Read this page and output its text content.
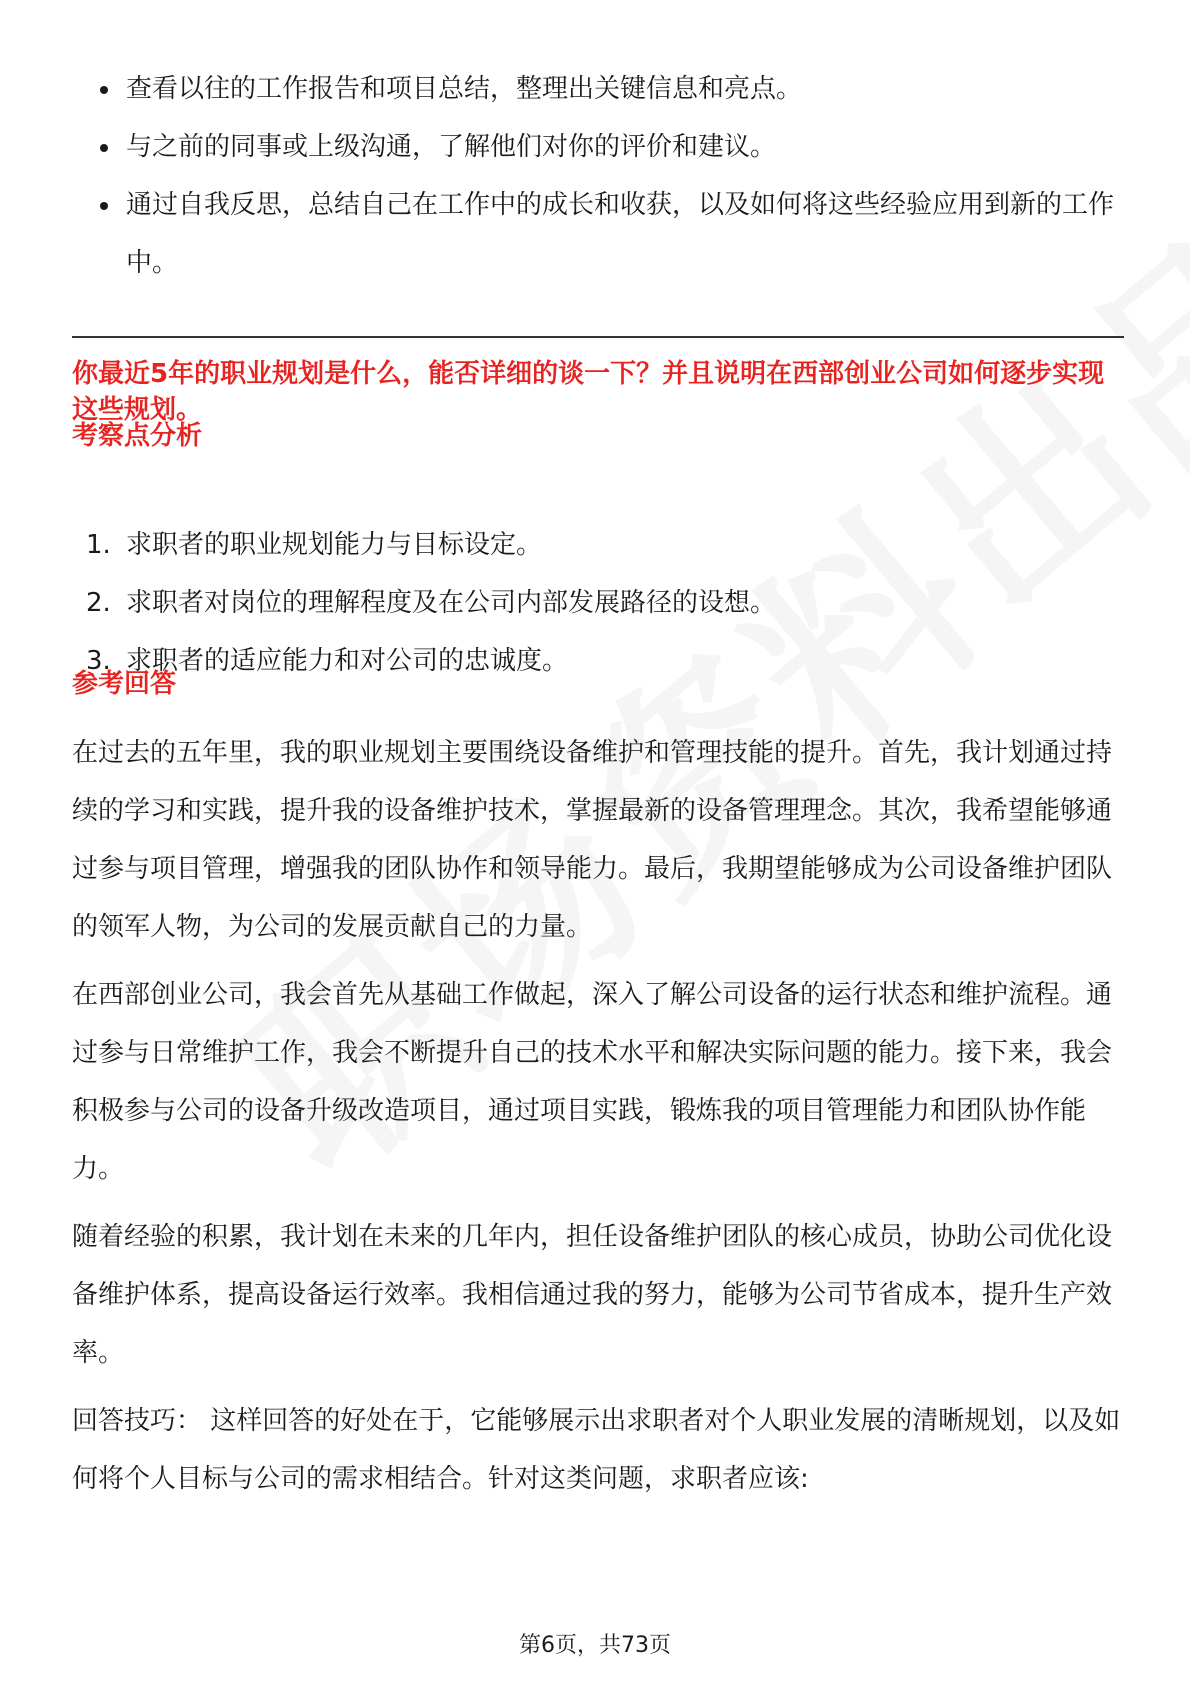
查看以往的工作报告和项目总结，整理出关键信息和亮点。
与之前的同事或上级沟通，了解他们对你的评价和建议。
通过自我反思，总结自己在工作中的成长和收获，以及如何将这些经验应用到新的工作中。

你最近5年的职业规划是什么，能否详细的谈一下？并且说明在西部创业公司如何逐步实现这些规划。

考察点分析

1. 求职者的职业规划能力与目标设定。
2. 求职者对岗位的理解程度及在公司内部发展路径的设想。
3. 求职者的适应能力和对公司的忠诚度。

参考回答

在过去的五年里，我的职业规划主要围绕设备维护和管理技能的提升。首先，我计划通过持续的学习和实践，提升我的设备维护技术，掌握最新的设备管理理念。其次，我希望能够通过参与项目管理，增强我的团队协作和领导能力。最后，我期望能够成为公司设备维护团队的领军人物，为公司的发展贡献自己的力量。

在西部创业公司，我会首先从基础工作做起，深入了解公司设备的运行状态和维护流程。通过参与日常维护工作，我会不断提升自己的技术水平和解决实际问题的能力。接下来，我会积极参与公司的设备升级改造项目，通过项目实践，锻炼我的项目管理能力和团队协作能力。

随着经验的积累，我计划在未来的几年内，担任设备维护团队的核心成员，协助公司优化设备维护体系，提高设备运行效率。我相信通过我的努力，能够为公司节省成本，提升生产效率。

回答技巧： 这样回答的好处在于，它能够展示出求职者对个人职业发展的清晰规划，以及如何将个人目标与公司的需求相结合。针对这类问题，求职者应该:

第6页，共73页
